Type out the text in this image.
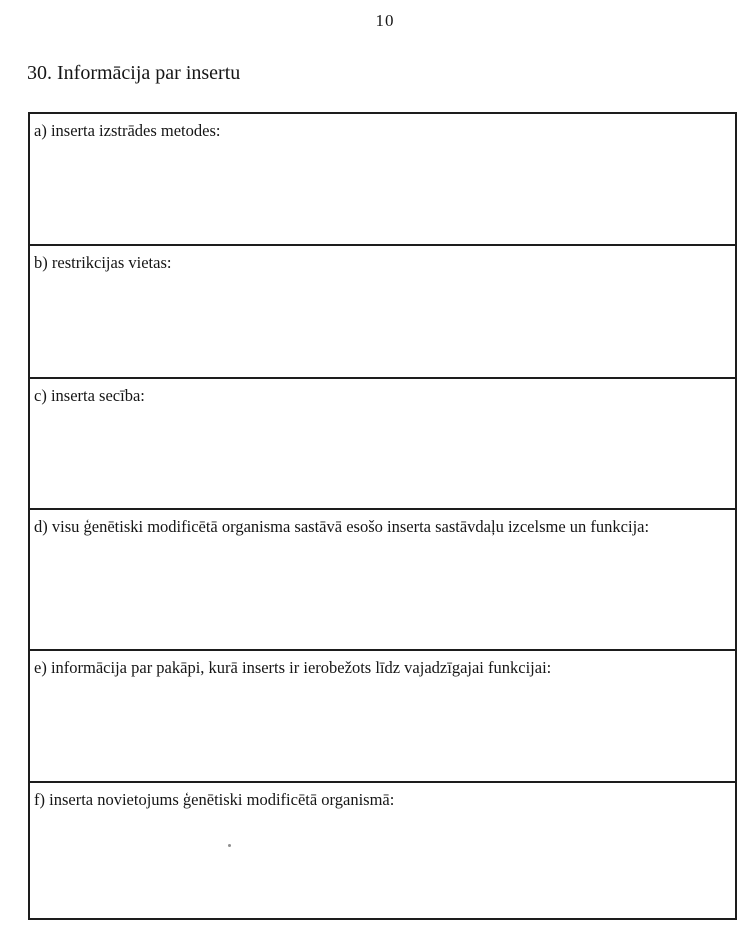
10
30. Informācija par insertu
a) inserta izstrādes metodes:
b) restrikcijas vietas:
c) inserta secība:
d) visu ģenētiski modificētā organisma sastāvā esošo inserta sastāvdaļu izcelsme un funkcija:
e) informācija par pakāpi, kurā inserts ir ierobežots līdz vajadzīgajai funkcijai:
f) inserta novietojums ģenētiski modificētā organismā:
